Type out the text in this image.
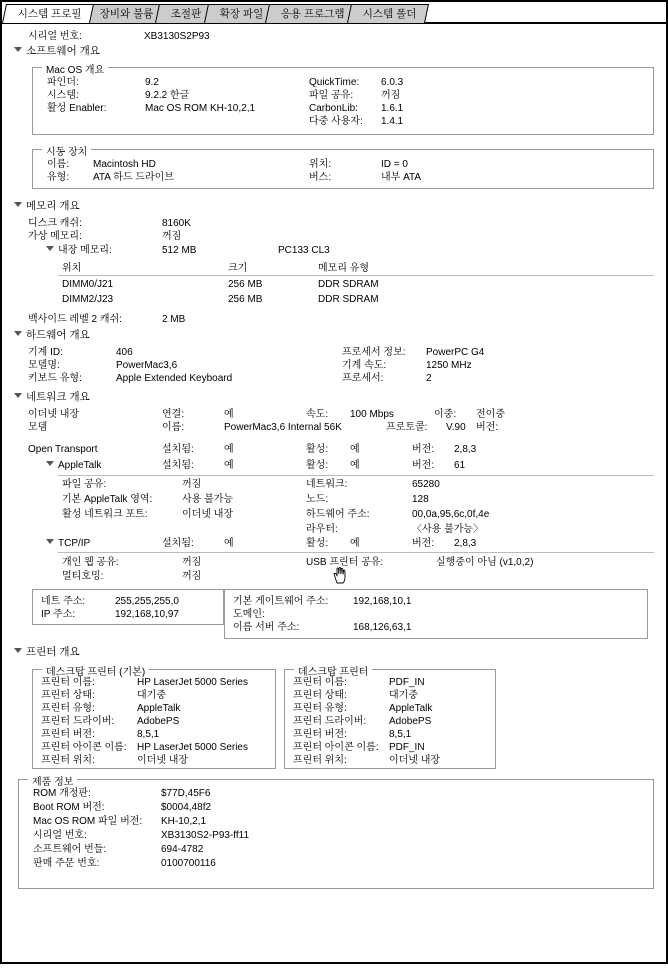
시스템 프로필	장비와 불륨	조절판	확장 파일	응용 프로그램	시스템 폴더
시리얼 번호:	XB3130S2P93
소프트웨어 개요
Mac OS 개요
파인더:	9.2	QuickTime: 6.0.3
시스템:	9.2.2 한글	파일 공유:	꺼짐
활성 Enabler:	Mac OS ROM KH-10,2,1	CarbonLib: 1.6.1
다중 사용자: 1.4.1
시동 장치
이름: Macintosh HD	위치:	ID = 0
유형: ATA 하드 드라이브	버스:	내부 ATA
메모리 개요
디스크 캐쉬:	8160K
가상 메모리:	꺼짐
내장 메모리:	512 MB	PC133 CL3
위치	크기	메모리 유형
DIMM0/J21	256 MB	DDR SDRAM
DIMM2/J23	256 MB	DDR SDRAM
백사이드 레벨 2 캐쉬:	2 MB
하드웨어 개요
기계 ID:	406	프로세서 정보: PowerPC G4
모델명:	PowerMac3,6	기계 속도:	1250 MHz
키보드 유형:	Apple Extended Keyboard	프로세서:	2
네트워크 개요
이더넷 내장	연결:	예	속도: 100 Mbps	이중: 전이중
모뎀	이름:	PowerMac3,6 Internal 56K	프로토콜: V.90 버전:
Open Transport	설치됨:	예	활성: 예	버전: 2,8,3
AppleTalk	설치됨:	예	활성: 예	버전: 61
파일 공유:	꺼짐	네트워크:	65280
기본 AppleTalk 영역:	사용 불가능	노드:	128
활성 네트워크 포트:	이더넷 내장	하드웨어 주소:	00,0a,95,6c,0f,4e
라우터:	〈사용 불가능〉
TCP/IP	설치됨:	예	활성: 예	버전: 2,8,3
개인 웹 공유:	꺼짐	USB 프린터 공유:	실행중이 아님 (v1,0,2)
멀티호밍:	꺼짐
네트 주소:	255,255,255,0
IP 주소:	192,168,10,97
기본 게이트웨어 주소: 192,168,10,1
도메인:
이름 서버 주소:	168,126,63,1
프린터 개요
데스크탑 프린터 (기본)
프린터 이름:	HP LaserJet 5000 Series
프린터 상태:	대기중
프린터 유형:	AppleTalk
프린터 드라이버: AdobePS
프린터 버전:	8,5,1
프린터 아이콘 이름: HP LaserJet 5000 Series
프린터 위치:	이더넷 내장
데스크탑 프린터
프린터 이름:	PDF_IN
프린터 상태:	대기중
프린터 유형:	AppleTalk
프린터 드라이버: AdobePS
프린터 버전:	8,5,1
프린터 아이콘 이름: PDF_IN
프린터 위치:	이더넷 내장
제품 정보
ROM 개정판:	$77D,45F6
Boot ROM 버전:	$0004,48f2
Mac OS ROM 파일 버전: KH-10,2,1
시리얼 번호:	XB3130S2-P93-ff11
소프트웨어 번들:	694-4782
판매 주문 번호:	0100700116
